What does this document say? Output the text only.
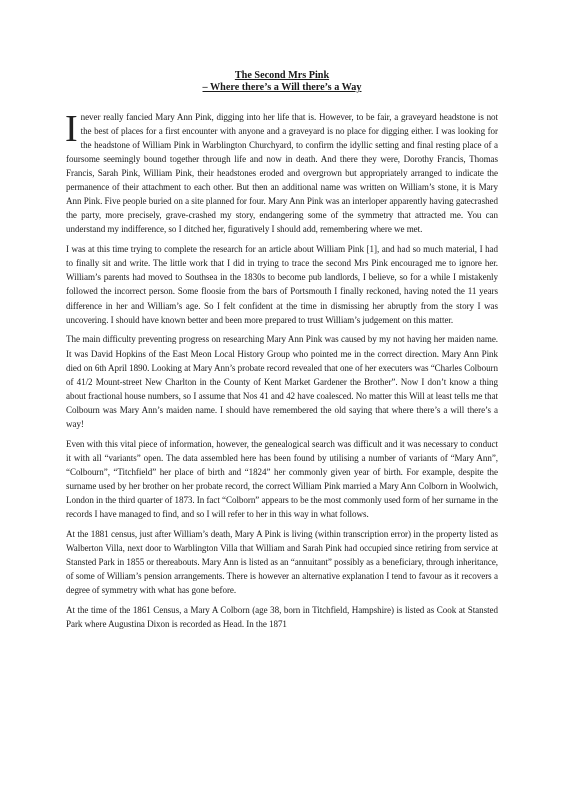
The Second Mrs Pink
– Where there’s a Will there’s a Way

I never really fancied Mary Ann Pink, digging into her life that is. However, to be fair, a graveyard headstone is not the best of places for a first encounter with anyone and a graveyard is no place for digging either. I was looking for the headstone of William Pink in Warblington Churchyard, to confirm the idyllic setting and final resting place of a foursome seemingly bound together through life and now in death. And there they were, Dorothy Francis, Thomas Francis, Sarah Pink, William Pink, their headstones eroded and overgrown but appropriately arranged to indicate the permanence of their attachment to each other. But then an additional name was written on William’s stone, it is Mary Ann Pink. Five people buried on a site planned for four. Mary Ann Pink was an interloper apparently having gatecrashed the party, more precisely, grave-crashed my story, endangering some of the symmetry that attracted me. You can understand my indifference, so I ditched her, figuratively I should add, remembering where we met.

I was at this time trying to complete the research for an article about William Pink [1], and had so much material, I had to finally sit and write. The little work that I did in trying to trace the second Mrs Pink encouraged me to ignore her. William’s parents had moved to Southsea in the 1830s to become pub landlords, I believe, so for a while I mistakenly followed the incorrect person. Some floosie from the bars of Portsmouth I finally reckoned, having noted the 11 years difference in her and William’s age. So I felt confident at the time in dismissing her abruptly from the story I was uncovering. I should have known better and been more prepared to trust William’s judgement on this matter.

The main difficulty preventing progress on researching Mary Ann Pink was caused by my not having her maiden name. It was David Hopkins of the East Meon Local History Group who pointed me in the correct direction. Mary Ann Pink died on 6th April 1890. Looking at Mary Ann’s probate record revealed that one of her executers was “Charles Colbourn of 41/2 Mount-street New Charlton in the County of Kent Market Gardener the Brother”. Now I don’t know a thing about fractional house numbers, so I assume that Nos 41 and 42 have coalesced. No matter this Will at least tells me that Colbourn was Mary Ann’s maiden name. I should have remembered the old saying that where there’s a will there’s a way!

Even with this vital piece of information, however, the genealogical search was difficult and it was necessary to conduct it with all “variants” open. The data assembled here has been found by utilising a number of variants of “Mary Ann”, “Colbourn”, “Titchfield” her place of birth and “1824” her commonly given year of birth. For example, despite the surname used by her brother on her probate record, the correct William Pink married a Mary Ann Colborn in Woolwich, London in the third quarter of 1873. In fact “Colborn” appears to be the most commonly used form of her surname in the records I have managed to find, and so I will refer to her in this way in what follows.

At the 1881 census, just after William’s death, Mary A Pink is living (within transcription error) in the property listed as Walberton Villa, next door to Warblington Villa that William and Sarah Pink had occupied since retiring from service at Stansted Park in 1855 or thereabouts. Mary Ann is listed as an “annuitant” possibly as a beneficiary, through inheritance, of some of William’s pension arrangements. There is however an alternative explanation I tend to favour as it recovers a degree of symmetry with what has gone before.

At the time of the 1861 Census, a Mary A Colborn (age 38, born in Titchfield, Hampshire) is listed as Cook at Stansted Park where Augustina Dixon is recorded as Head. In the 1871
